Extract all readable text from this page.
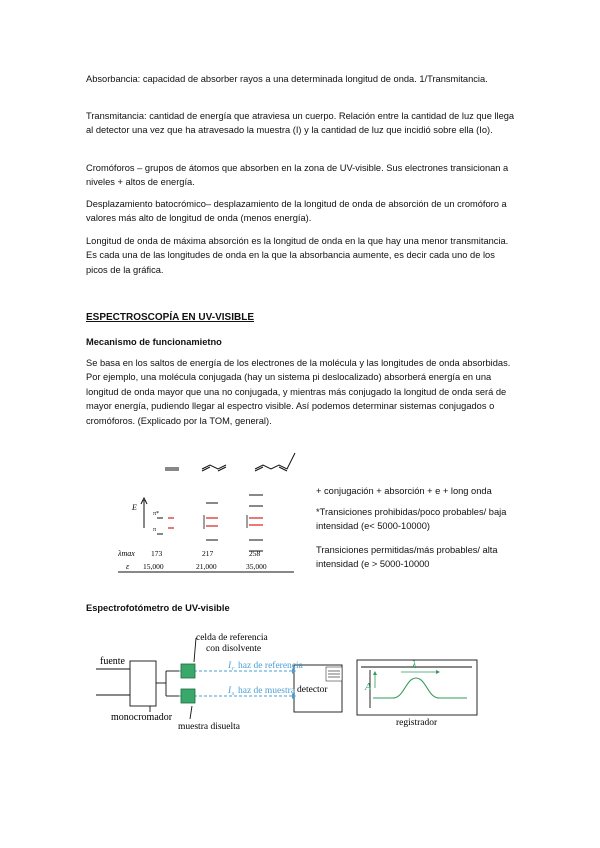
Absorbancia: capacidad de absorber rayos a una determinada longitud de onda. 1/Transmitancia.

Transmitancia: cantidad de energía que atraviesa un cuerpo. Relación entre la cantidad de luz que llega al detector una vez que ha atravesado la muestra (I) y la cantidad de luz que incidió sobre ella (Io).

Cromóforos – grupos de átomos que absorben en la zona de UV-visible. Sus electrones transicionan a niveles + altos de energía.

Desplazamiento batocrómico– desplazamiento de la longitud de onda de absorción de un cromóforo a valores más alto de longitud de onda (menos energía).

Longitud de onda de máxima absorción es la longitud de onda en la que hay una menor transmitancia. Es cada una de las longitudes de onda en la que la absorbancia aumente, es decir cada uno de los picos de la gráfica.

ESPECTROSCOPÍA EN UV-VISIBLE
Mecanismo de funcionamietno

Se basa en los saltos de energía de los electrones de la molécula y las longitudes de onda absorbidas. Por ejemplo, una molécula conjugada (hay un sistema pi deslocalizado) absorberá energía en una longitud de onda mayor que una no conjugada, y mientras más conjugado la longitud de onda será de mayor energía, pudiendo llegar al espectro visible. Así podemos determinar sistemas conjugados o cromóforos. (Explicado por la TOM, general).

E
π*
π
λmax 173	217	258
ε 15,000	21,000	35,000

+ conjugación + absorción + e + long onda

*Transiciones prohibidas/poco probables/ baja intensidad (e< 5000-10000)

Transiciones permitidas/más probables/ alta intensidad (e > 5000-10000

Espectrofotómetro de UV-visible
fuente
monocromador
celda de referencia
con disolvente
muestra disuelta
I r haz de referencia
I s haz de muestra detector
registrador
λ
A
